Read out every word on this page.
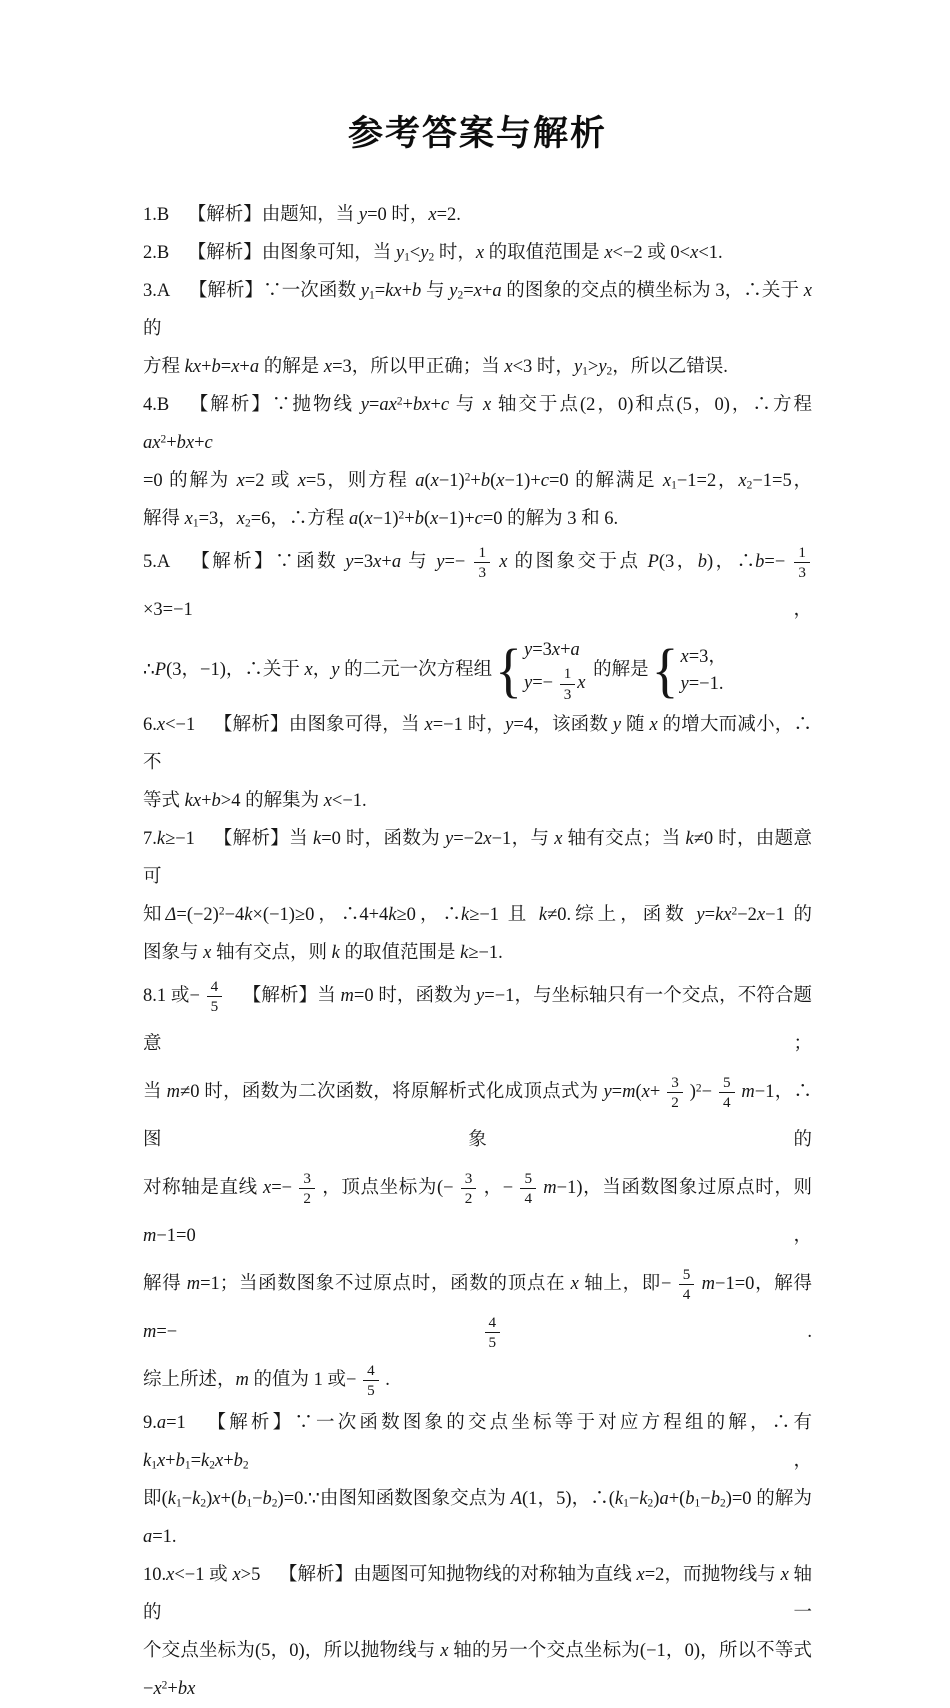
参考答案与解析
1.B 【解析】由题知，当 y=0 时，x=2.
2.B 【解析】由图象可知，当 $y_1<y_2$ 时，x 的取值范围是 x<−2 或 0<x<1.
3.A 【解析】∵一次函数 $y_1=kx+b$ 与 $y_2=x+a$ 的图象的交点的横坐标为 3，∴关于 x 的
方程 kx+b=x+a 的解是 x=3，所以甲正确；当 x<3 时，$y_1>y_2$，所以乙错误.
4.B 【解析】∵抛物线 $y=ax^2+bx+c$ 与 x 轴交于点(2，0)和点(5，0)，∴方程 $ax^2+bx+c$
=0 的解为 x=2 或 x=5，则方程 $a(x-1)^2+b(x-1)+c=0$ 的解满足 $x_1-1=2$，$x_2-1=5$，
解得 $x_1=3$，$x_2=6$，∴方程 $a(x-1)^2+b(x-1)+c=0$ 的解为 3 和 6.
5.A 【解析】∵函数 y=3x+a 与 $y=- \frac{1}{3}$ x 的图象交于点 P(3，b)，∴b=− $\frac{1}{3}$
×3=−1，
∴P(3，−1)，∴关于 x，y 的二元一次方程组 { y=3x+a
$y=- \frac{1}{3}$ x
的解是 { x=3，
y=−1.
6.x<−1 【解析】由图象可得，当 x=−1 时，y=4，该函数 y 随 x 的增大而减小，∴不
等式 kx+b>4 的解集为 x<−1.
7.k≥−1 【解析】当 k=0 时，函数为 y=−2x−1，与 x 轴有交点；当 k≠0 时，由题意可
知$\Delta=(-2)^2-4k\times(-1)\ge 0$，∴4+4k≥0，∴k≥−1 且 k≠0.综上，函数 $y=kx^2-2x-1$ 的
图象与 x 轴有交点，则 k 的取值范围是 k≥−1.
8.1 或− $\frac{4}{5}$  【解析】当 m=0 时，函数为 y=−1，与坐标轴只有一个交点，不符合题意；
当 m≠0 时，函数为二次函数，将原解析式化成顶点式为 $y=m(x+ \frac{3}{2} )^2- \frac{5}{4} m-1$，∴图象的
对称轴是直线 $x=- \frac{3}{2}$ ，顶点坐标为(− $\frac{3}{2}$ ，− $\frac{5}{4} m-1$)，当函数图象过原点时，则 m−1=0，
解得 m=1；当函数图象不过原点时，函数的顶点在 x 轴上，即− $\frac{5}{4} m-1=0$，解得 $m=- \frac{4}{5}$ .
综上所述，m 的值为 1 或− $\frac{4}{5}$ .
9.a=1 【解析】∵一次函数图象的交点坐标等于对应方程组的解，∴有 $k_1x+b_1=k_2x+b_2$，
即$(k_1-k_2)x+(b_1-b_2)=0.\because$由图知函数图象交点为 A(1，5)，$\therefore(k_1-k_2)a+(b_1-b_2)=0$ 的解为
a=1.
10.x<−1 或 x>5 【解析】由题图可知抛物线的对称轴为直线 x=2，而抛物线与 x 轴的一
个交点坐标为(5，0)，所以抛物线与 x 轴的另一个交点坐标为(−1，0)，所以不等式$-x^2+bx$
